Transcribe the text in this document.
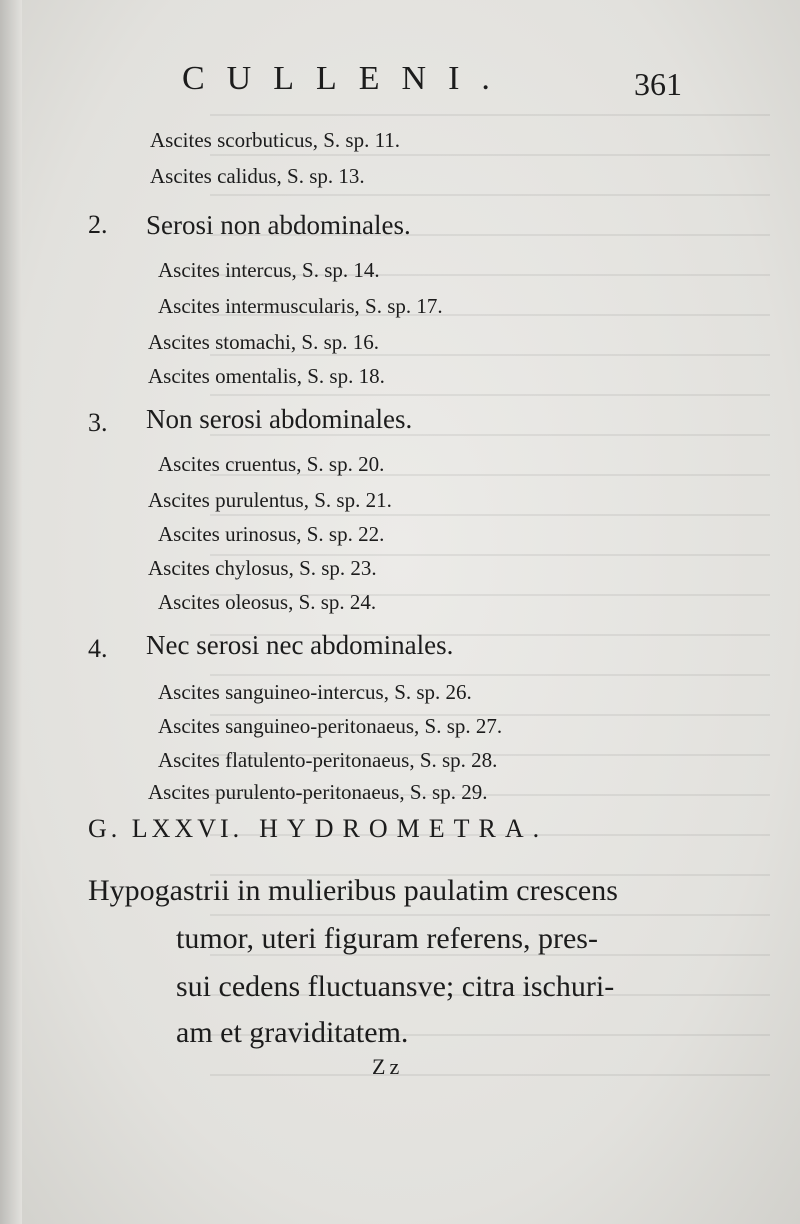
CULLENI.	361
Ascites scorbuticus, S. sp. 11.
Ascites calidus, S. sp. 13.
2. Serosi non abdominales.
Ascites intercus, S. sp. 14.
Ascites intermuscularis, S. sp. 17.
Ascites stomachi, S. sp. 16.
Ascites omentalis, S. sp. 18.
3. Non serosi abdominales.
Ascites cruentus, S. sp. 20.
Ascites purulentus, S. sp. 21.
Ascites urinosus, S. sp. 22.
Ascites chylosus, S. sp. 23.
Ascites oleosus, S. sp. 24.
4. Nec serosi nec abdominales.
Ascites sanguineo-intercus, S. sp. 26.
Ascites sanguineo-peritonaeus, S. sp. 27.
Ascites flatulento-peritonaeus, S. sp. 28.
Ascites purulento-peritonaeus, S. sp. 29.
G. LXXVI. HYDROMETRA.
Hypogastrii in mulieribus paulatim crescens
tumor, uteri figuram referens, pres-
sui cedens fluctuansve; citra ischuri-
am et graviditatem.
Zz
